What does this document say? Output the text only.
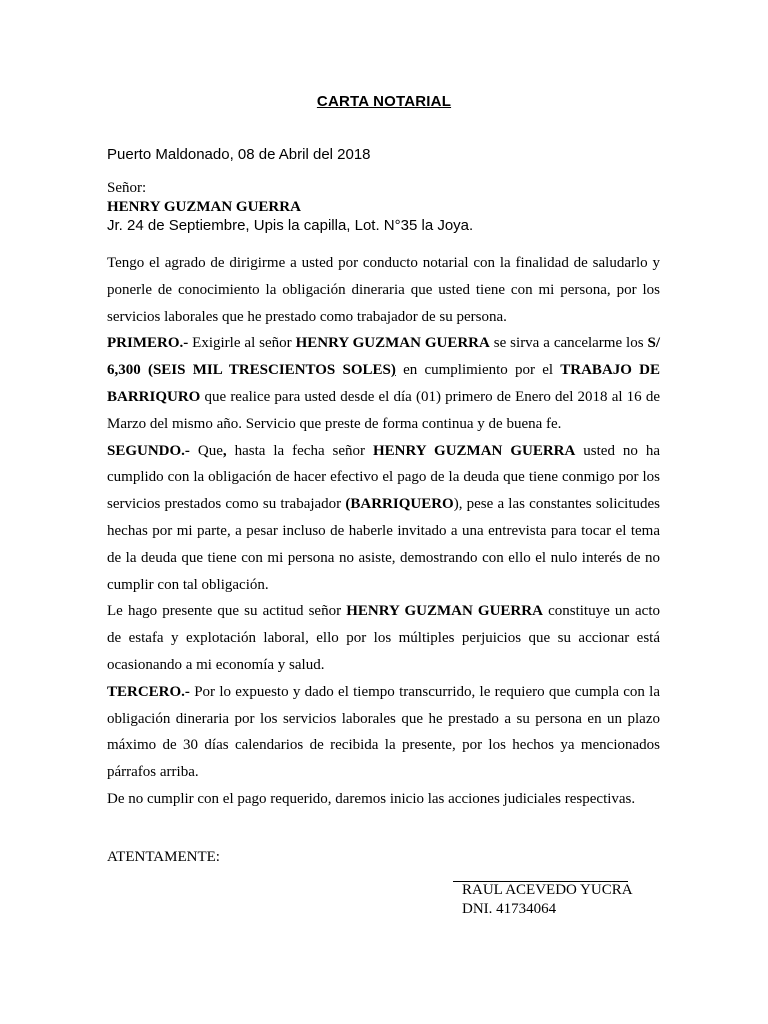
CARTA NOTARIAL
Puerto Maldonado, 08 de Abril del 2018
Señor:
HENRY GUZMAN GUERRA
Jr. 24 de Septiembre, Upis la capilla, Lot. N°35 la Joya.

Tengo el agrado de dirigirme a usted por conducto notarial con la finalidad de saludarlo y ponerle de conocimiento la obligación dineraria que usted tiene con mi persona, por los servicios laborales que he prestado como trabajador de su persona.

PRIMERO.- Exigirle al señor HENRY GUZMAN GUERRA se sirva a cancelarme los S/ 6,300 (SEIS MIL TRESCIENTOS SOLES) en cumplimiento por el TRABAJO DE BARRIQURO que realice para usted desde el día (01) primero de Enero del 2018 al 16 de Marzo del mismo año. Servicio que preste de forma continua y de buena fe.

SEGUNDO.- Que, hasta la fecha señor HENRY GUZMAN GUERRA usted no ha cumplido con la obligación de hacer efectivo el pago de la deuda que tiene conmigo por los servicios prestados como su trabajador (BARRIQUERO), pese a las constantes solicitudes hechas por mi parte, a pesar incluso de haberle invitado a una entrevista para tocar el tema de la deuda que tiene con mi persona no asiste, demostrando con ello el nulo interés de no cumplir con tal obligación.

Le hago presente que su actitud señor HENRY GUZMAN GUERRA constituye un acto de estafa y explotación laboral, ello por los múltiples perjuicios que su accionar está ocasionando a mi economía y salud.

TERCERO.- Por lo expuesto y dado el tiempo transcurrido, le requiero que cumpla con la obligación dineraria por los servicios laborales que he prestado a su persona en un plazo máximo de 30 días calendarios de recibida la presente, por los hechos ya mencionados párrafos arriba.

De no cumplir con el pago requerido, daremos inicio las acciones judiciales respectivas.

ATENTAMENTE:
RAUL ACEVEDO YUCRA
DNI. 41734064
